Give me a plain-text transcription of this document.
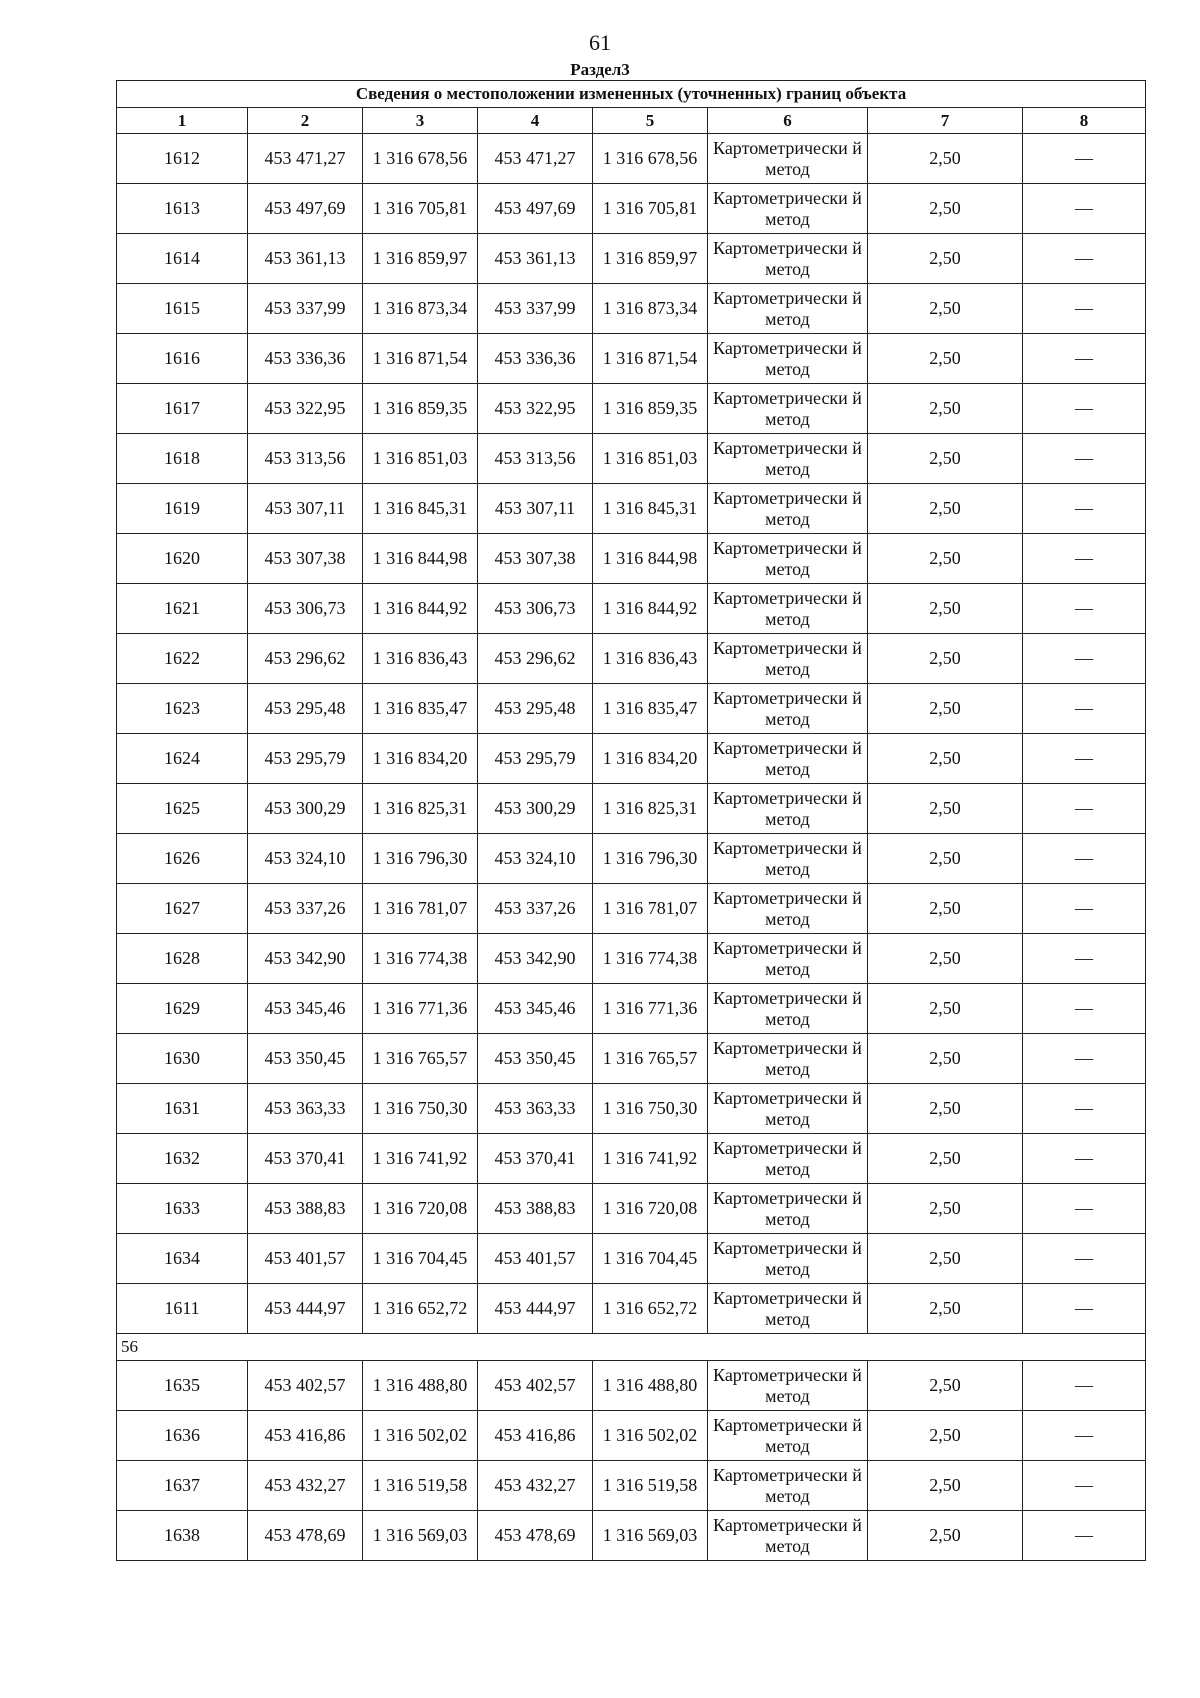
61
Раздел3
Сведения о местоположении измененных (уточненных) границ объекта							
1	2	3	4	5	6	7	8
1612	453 471,27	1 316 678,56	453 471,27	1 316 678,56	Картометрически й метод	2,50	—
1613	453 497,69	1 316 705,81	453 497,69	1 316 705,81	Картометрически й метод	2,50	—
1614	453 361,13	1 316 859,97	453 361,13	1 316 859,97	Картометрически й метод	2,50	—
1615	453 337,99	1 316 873,34	453 337,99	1 316 873,34	Картометрически й метод	2,50	—
1616	453 336,36	1 316 871,54	453 336,36	1 316 871,54	Картометрически й метод	2,50	—
1617	453 322,95	1 316 859,35	453 322,95	1 316 859,35	Картометрически й метод	2,50	—
1618	453 313,56	1 316 851,03	453 313,56	1 316 851,03	Картометрически й метод	2,50	—
1619	453 307,11	1 316 845,31	453 307,11	1 316 845,31	Картометрически й метод	2,50	—
1620	453 307,38	1 316 844,98	453 307,38	1 316 844,98	Картометрически й метод	2,50	—
1621	453 306,73	1 316 844,92	453 306,73	1 316 844,92	Картометрически й метод	2,50	—
1622	453 296,62	1 316 836,43	453 296,62	1 316 836,43	Картометрически й метод	2,50	—
1623	453 295,48	1 316 835,47	453 295,48	1 316 835,47	Картометрически й метод	2,50	—
1624	453 295,79	1 316 834,20	453 295,79	1 316 834,20	Картометрически й метод	2,50	—
1625	453 300,29	1 316 825,31	453 300,29	1 316 825,31	Картометрически й метод	2,50	—
1626	453 324,10	1 316 796,30	453 324,10	1 316 796,30	Картометрически й метод	2,50	—
1627	453 337,26	1 316 781,07	453 337,26	1 316 781,07	Картометрически й метод	2,50	—
1628	453 342,90	1 316 774,38	453 342,90	1 316 774,38	Картометрически й метод	2,50	—
1629	453 345,46	1 316 771,36	453 345,46	1 316 771,36	Картометрически й метод	2,50	—
1630	453 350,45	1 316 765,57	453 350,45	1 316 765,57	Картометрически й метод	2,50	—
1631	453 363,33	1 316 750,30	453 363,33	1 316 750,30	Картометрически й метод	2,50	—
1632	453 370,41	1 316 741,92	453 370,41	1 316 741,92	Картометрически й метод	2,50	—
1633	453 388,83	1 316 720,08	453 388,83	1 316 720,08	Картометрически й метод	2,50	—
1634	453 401,57	1 316 704,45	453 401,57	1 316 704,45	Картометрически й метод	2,50	—
1611	453 444,97	1 316 652,72	453 444,97	1 316 652,72	Картометрически й метод	2,50	—
56							
1635	453 402,57	1 316 488,80	453 402,57	1 316 488,80	Картометрически й метод	2,50	—
1636	453 416,86	1 316 502,02	453 416,86	1 316 502,02	Картометрически й метод	2,50	—
1637	453 432,27	1 316 519,58	453 432,27	1 316 519,58	Картометрически й метод	2,50	—
1638	453 478,69	1 316 569,03	453 478,69	1 316 569,03	Картометрически й метод	2,50	—
